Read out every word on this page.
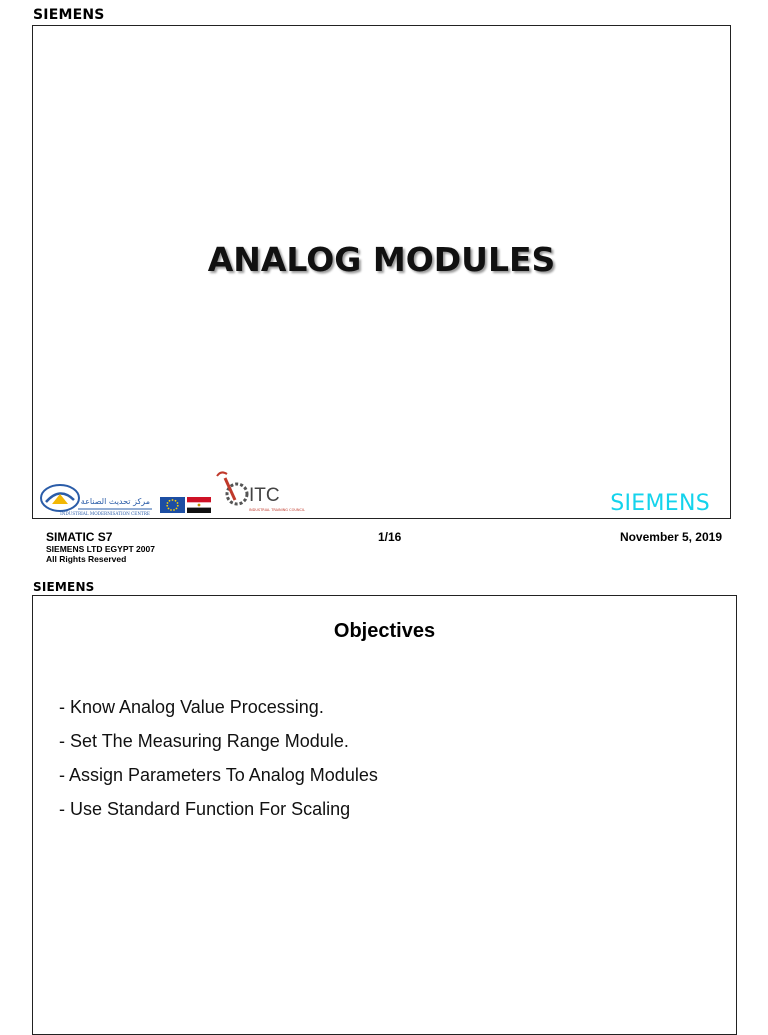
SIEMENS
ANALOG MODULES
مركز تحديث الصناعة
INDUSTRIAL MODERNISATION CENTRE
ITC
INDUSTRIAL TRAINING COUNCIL	SIEMENS
SIMATIC S7
SIEMENS LTD EGYPT 2007
All Rights Reserved
1/16	November 5, 2019
SIEMENS
Objectives
- Know Analog Value Processing.
- Set The Measuring Range Module.
- Assign Parameters To Analog Modules
- Use Standard Function For Scaling
